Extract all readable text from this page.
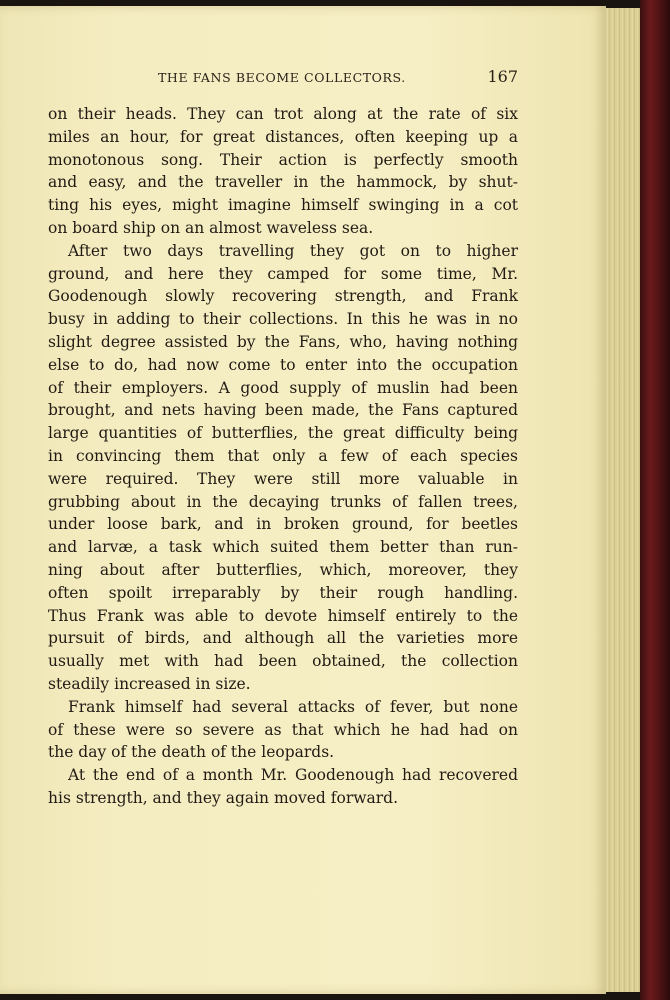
THE FANS BECOME COLLECTORS.	167
on their heads. They can trot along at the rate of six
miles an hour, for great distances, often keeping up a
monotonous song. Their action is perfectly smooth
and easy, and the traveller in the hammock, by shut-
ting his eyes, might imagine himself swinging in a cot
on board ship on an almost waveless sea.
After two days travelling they got on to higher
ground, and here they camped for some time, Mr.
Goodenough slowly recovering strength, and Frank
busy in adding to their collections. In this he was in no
slight degree assisted by the Fans, who, having nothing
else to do, had now come to enter into the occupation
of their employers. A good supply of muslin had been
brought, and nets having been made, the Fans captured
large quantities of butterflies, the great difficulty being
in convincing them that only a few of each species
were required. They were still more valuable in
grubbing about in the decaying trunks of fallen trees,
under loose bark, and in broken ground, for beetles
and larvæ, a task which suited them better than run-
ning about after butterflies, which, moreover, they
often spoilt irreparably by their rough handling.
Thus Frank was able to devote himself entirely to the
pursuit of birds, and although all the varieties more
usually met with had been obtained, the collection
steadily increased in size.
Frank himself had several attacks of fever, but none
of these were so severe as that which he had had on
the day of the death of the leopards.
At the end of a month Mr. Goodenough had recovered
his strength, and they again moved forward.
